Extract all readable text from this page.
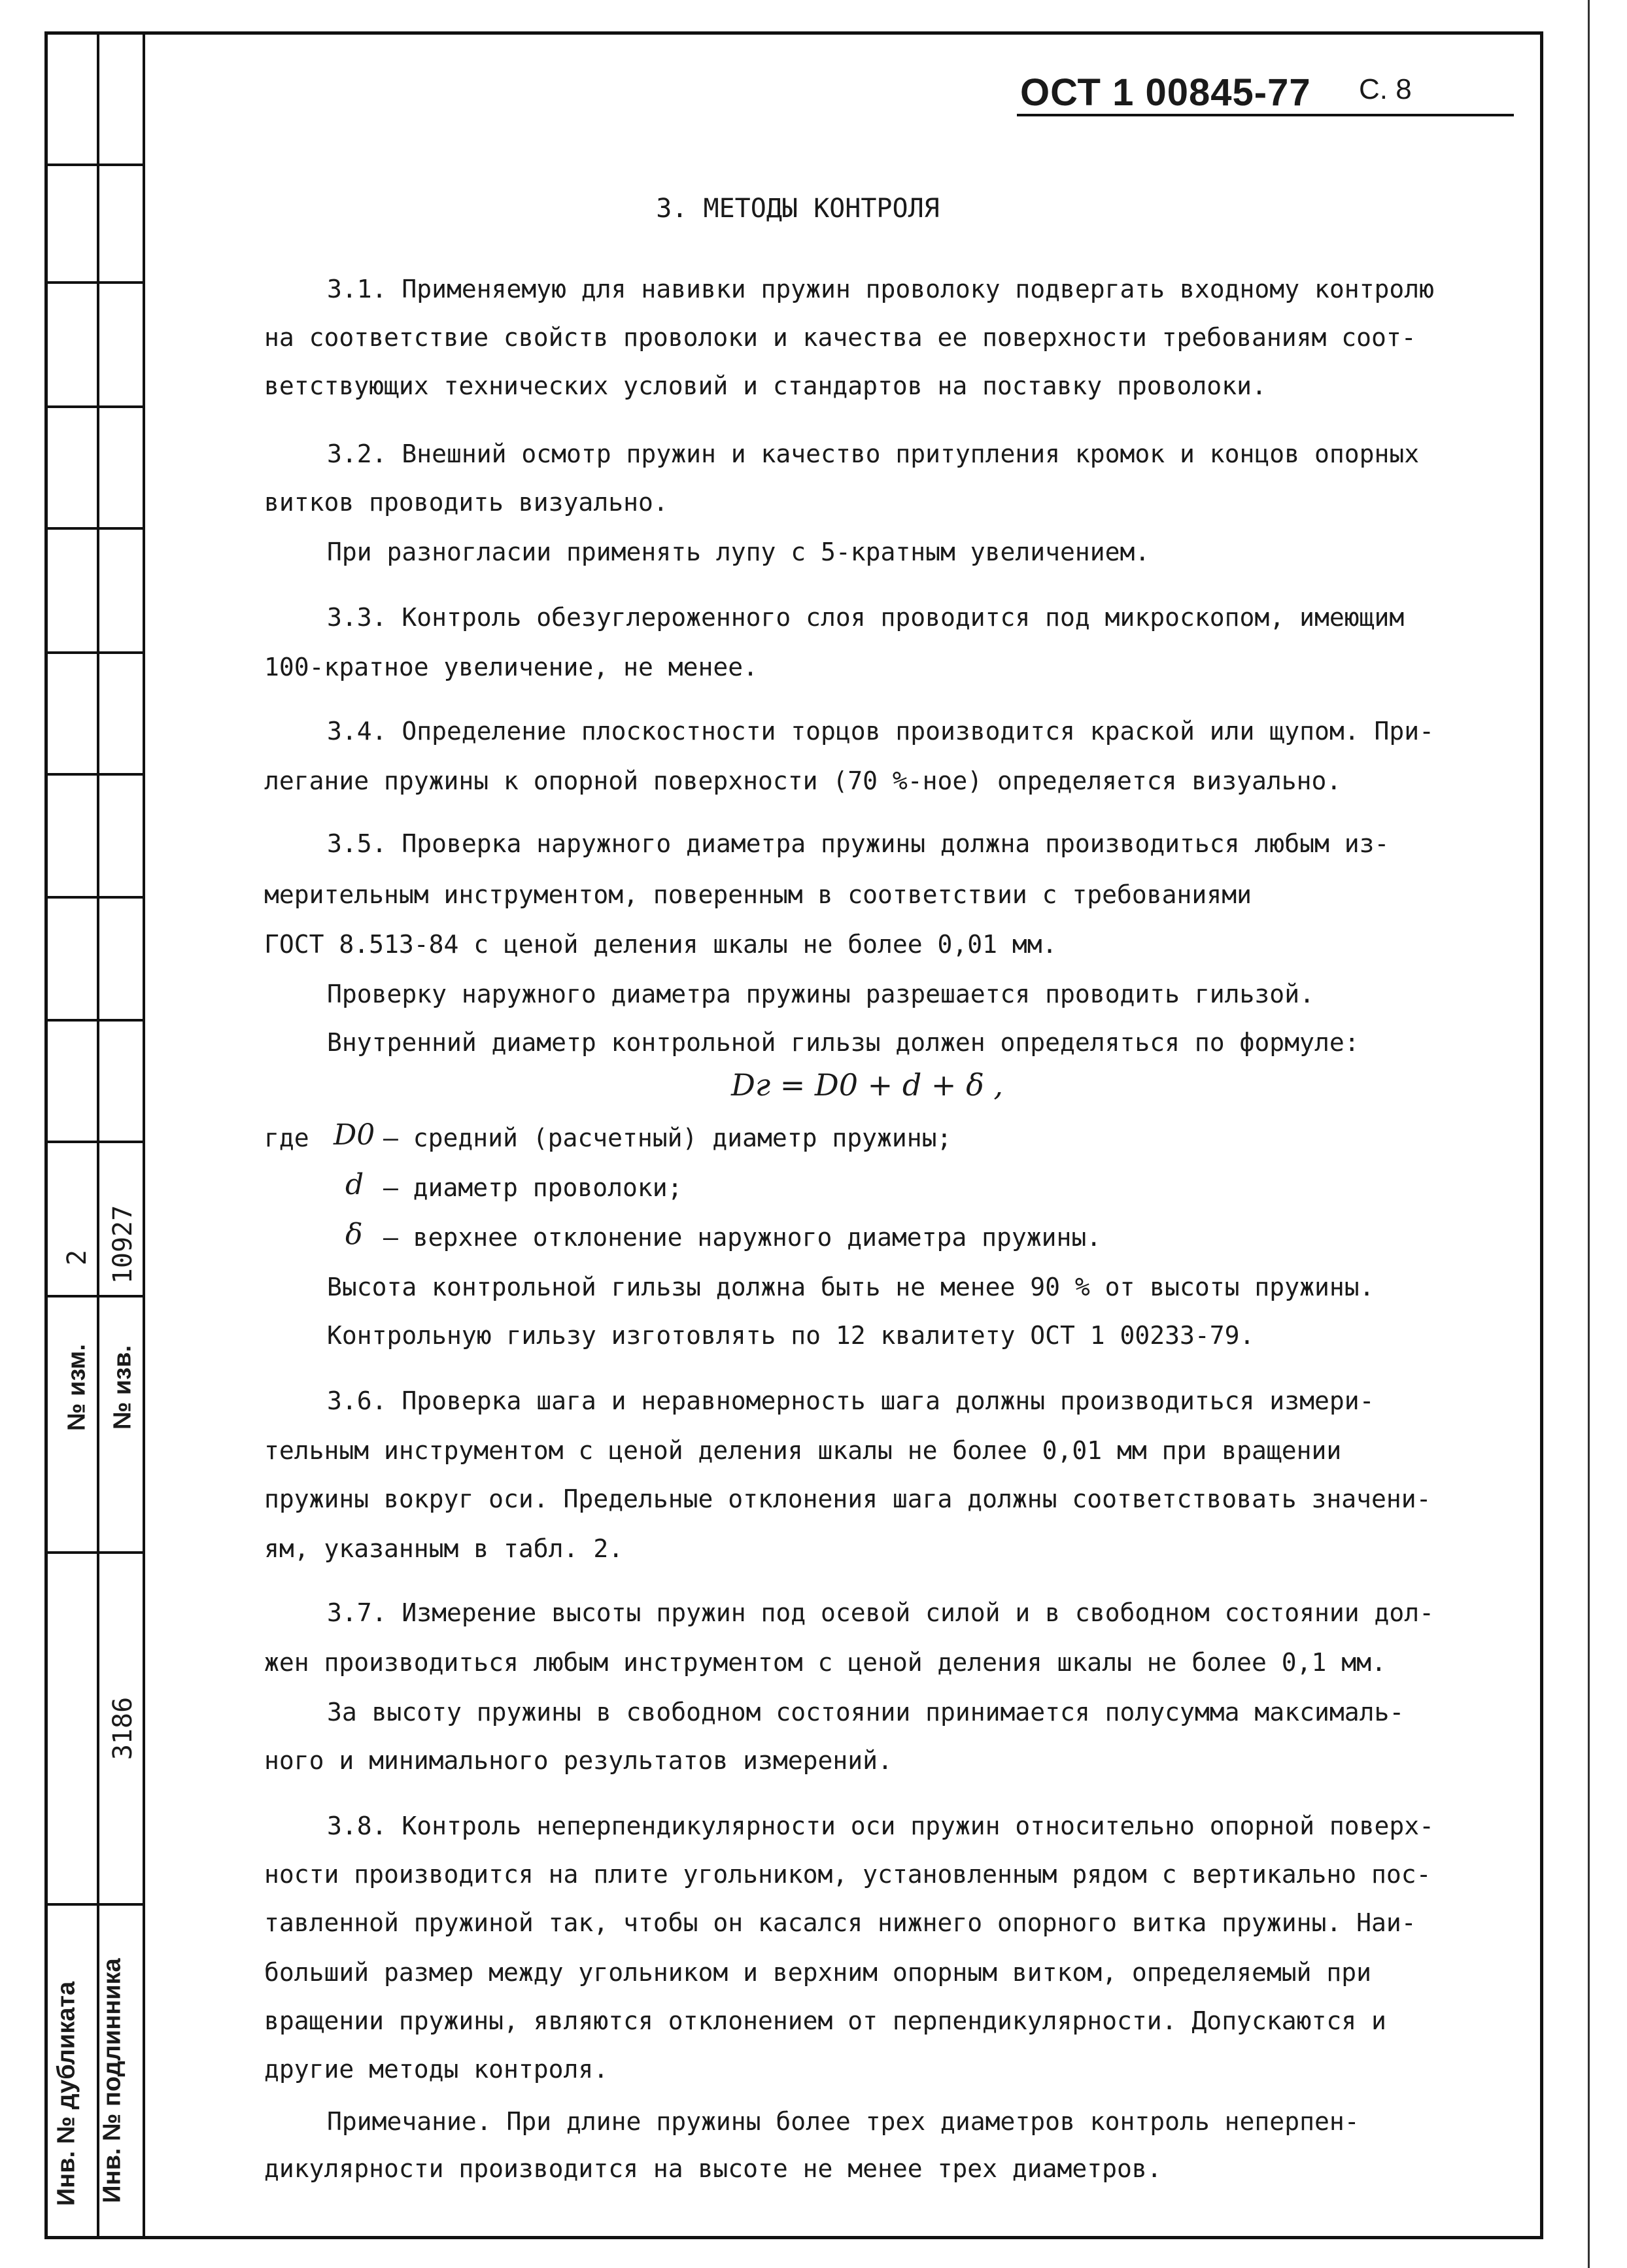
№ изм.
2
№ изв.
10927
Инв. № дубликата Инв. № подлинника
3186
ОСТ 1 00845-77 С. 8
3. МЕТОДЫ КОНТРОЛЯ
3.1. Применяемую для навивки пружин проволоку подвергать входному контролю
на соответствие свойств проволоки и качества ее поверхности требованиям соот-
ветствующих технических условий и стандартов на поставку проволоки.
3.2. Внешний осмотр пружин и качество притупления кромок и концов опорных
витков проводить визуально.
При разногласии применять лупу с 5-кратным увеличением.
3.3. Контроль обезуглероженного слоя проводится под микроскопом, имеющим
100-кратное увеличение, не менее.
3.4. Определение плоскостности торцов производится краской или щупом. При-
легание пружины к опорной поверхности (70 %-ное) определяется визуально.
3.5. Проверка наружного диаметра пружины должна производиться любым из-
мерительным инструментом, поверенным в соответствии с требованиями
ГОСТ 8.513-84 с ценой деления шкалы не более 0,01 мм.
Проверку наружного диаметра пружины разрешается проводить гильзой.
Внутренний диаметр контрольной гильзы должен определяться по формуле:
Dг = D0 + d + δ ,
где D0 – средний (расчетный) диаметр пружины;
d – диаметр проволоки;
δ – верхнее отклонение наружного диаметра пружины.
Высота контрольной гильзы должна быть не менее 90 % от высоты пружины.
Контрольную гильзу изготовлять по 12 квалитету ОСТ 1 00233-79.
3.6. Проверка шага и неравномерность шага должны производиться измери-
тельным инструментом с ценой деления шкалы не более 0,01 мм при вращении
пружины вокруг оси. Предельные отклонения шага должны соответствовать значени-
ям, указанным в табл. 2.
3.7. Измерение высоты пружин под осевой силой и в свободном состоянии дол-
жен производиться любым инструментом с ценой деления шкалы не более 0,1 мм.
За высоту пружины в свободном состоянии принимается полусумма максималь-
ного и минимального результатов измерений.
3.8. Контроль неперпендикулярности оси пружин относительно опорной поверх-
ности производится на плите угольником, установленным рядом с вертикально пос-
тавленной пружиной так, чтобы он касался нижнего опорного витка пружины. Наи-
больший размер между угольником и верхним опорным витком, определяемый при
вращении пружины, являются отклонением от перпендикулярности. Допускаются и
другие методы контроля.
Примечание. При длине пружины более трех диаметров контроль неперпен-
дикулярности производится на высоте не менее трех диаметров.
